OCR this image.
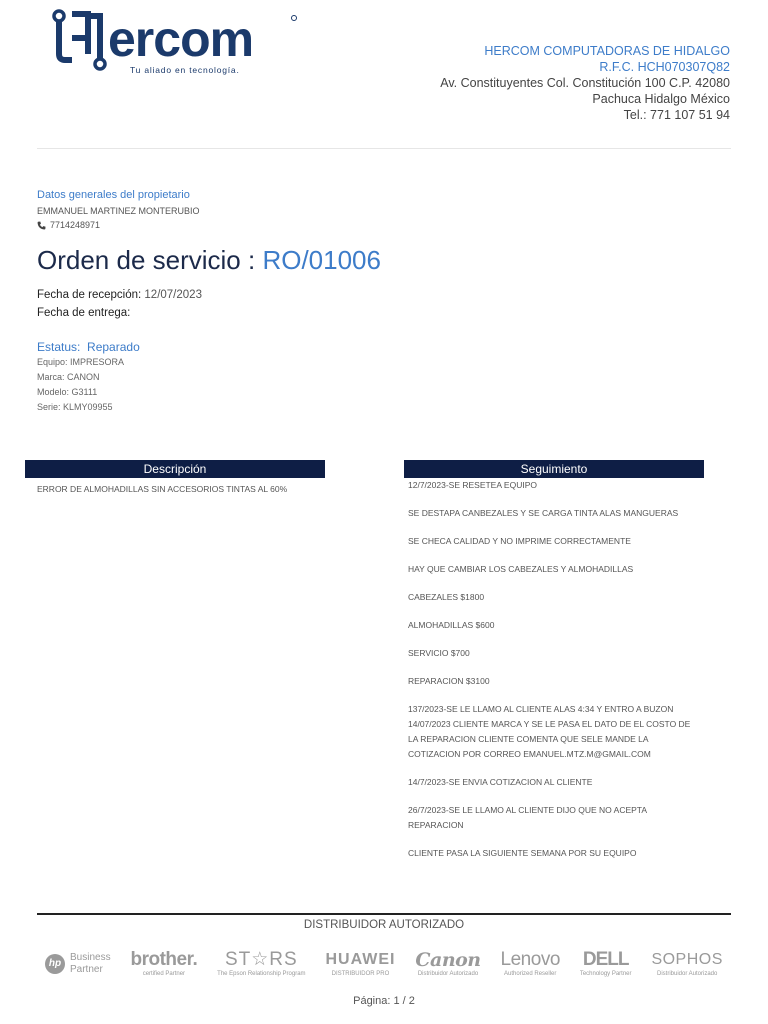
ercom
Tu aliado en tecnología.
HERCOM COMPUTADORAS DE HIDALGO
R.F.C. HCH070307Q82
Av. Constituyentes Col. Constitución 100 C.P. 42080
Pachuca Hidalgo México
Tel.: 771 107 51 94
Datos generales del propietario
EMMANUEL MARTINEZ MONTERUBIO
7714248971
Orden de servicio : RO/01006
Fecha de recepción: 12/07/2023
Fecha de entrega:
Estatus: Reparado
Equipo: IMPRESORA
Marca: CANON
Modelo: G3111
Serie: KLMY09955
Descripción
ERROR DE ALMOHADILLAS SIN ACCESORIOS TINTAS AL 60%
Seguimiento
12/7/2023-SE RESETEA EQUIPO
SE DESTAPA CANBEZALES Y SE CARGA TINTA ALAS MANGUERAS
SE CHECA CALIDAD Y NO IMPRIME CORRECTAMENTE
HAY QUE CAMBIAR LOS CABEZALES Y ALMOHADILLAS
CABEZALES $1800
ALMOHADILLAS $600
SERVICIO $700
REPARACION $3100
137/2023-SE LE LLAMO AL CLIENTE ALAS 4:34 Y ENTRO A BUZON
14/07/2023 CLIENTE MARCA Y SE LE PASA EL DATO DE EL COSTO DE LA REPARACION CLIENTE COMENTA QUE SELE MANDE LA COTIZACION POR CORREO EMANUEL.MTZ.M@GMAIL.COM
14/7/2023-SE ENVIA COTIZACION AL CLIENTE
26/7/2023-SE LE LLAMO AL CLIENTE DIJO QUE NO ACEPTA REPARACION
CLIENTE PASA LA SIGUIENTE SEMANA POR SU EQUIPO
DISTRIBUIDOR AUTORIZADO
hp
Business
Partner	brother.
certified Partner
ST☆RS
The Epson Relationship Program
HUAWEI
DISTRIBUIDOR PRO
Canon
Distribuidor Autorizado
Lenovo
Authorized Reseller
DELL
Technology Partner
SOPHOS
Distribuidor Autorizado
Página: 1 / 2
